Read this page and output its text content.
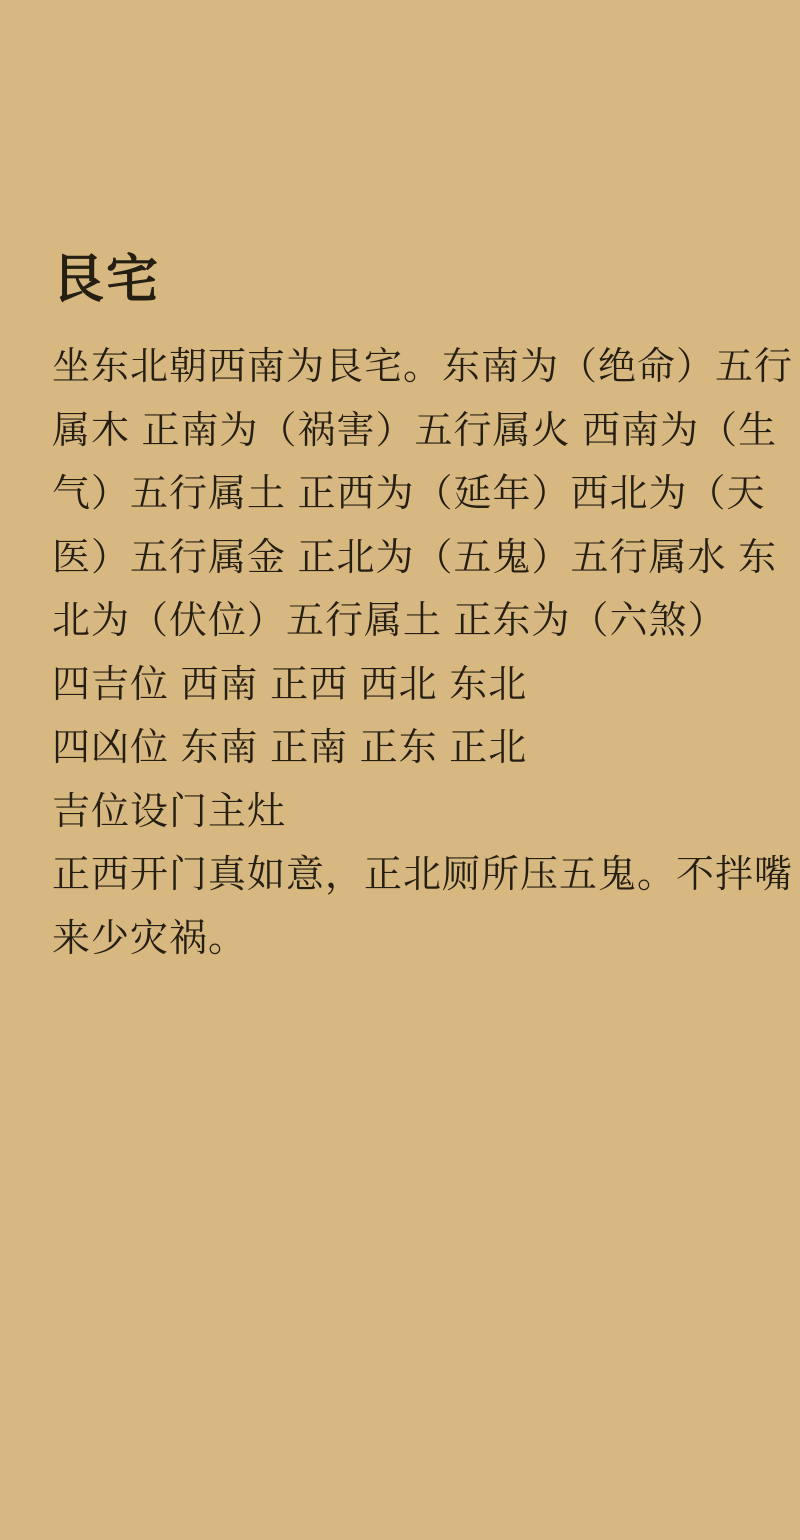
艮宅
坐东北朝西南为艮宅。东南为（绝命）五行
属木 正南为（祸害）五行属火 西南为（生
气）五行属土 正西为（延年）西北为（天
医）五行属金 正北为（五鬼）五行属水 东
北为（伏位）五行属土 正东为（六煞）
四吉位 西南 正西 西北 东北
四凶位 东南 正南 正东 正北
吉位设门主灶
正西开门真如意，正北厕所压五鬼。不拌嘴
来少灾祸。
